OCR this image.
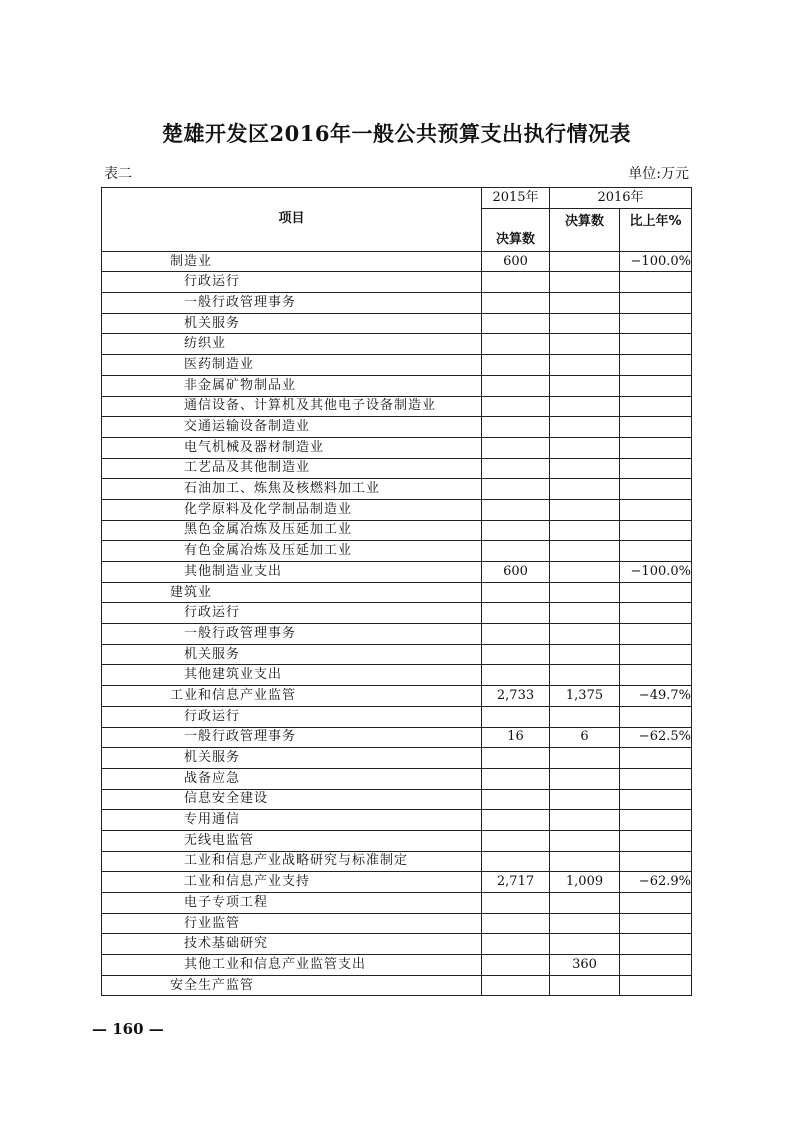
楚雄开发区2016年一般公共预算支出执行情况表
表二	单位:万元
项目	2015年	2016年	
	决算数	决算数	比上年%
制造业	600		−100.0%
行政运行			
一般行政管理事务			
机关服务			
纺织业			
医药制造业			
非金属矿物制品业			
通信设备、计算机及其他电子设备制造业			
交通运输设备制造业			
电气机械及器材制造业			
工艺品及其他制造业			
石油加工、炼焦及核燃料加工业			
化学原料及化学制品制造业			
黑色金属冶炼及压延加工业			
有色金属冶炼及压延加工业			
其他制造业支出	600		−100.0%
建筑业			
行政运行			
一般行政管理事务			
机关服务			
其他建筑业支出			
工业和信息产业监管	2,733	1,375	−49.7%
行政运行			
一般行政管理事务	16	6	−62.5%
机关服务			
战备应急			
信息安全建设			
专用通信			
无线电监管			
工业和信息产业战略研究与标准制定			
工业和信息产业支持	2,717	1,009	−62.9%
电子专项工程			
行业监管			
技术基础研究			
其他工业和信息产业监管支出		360	
安全生产监管			
— 160 —
